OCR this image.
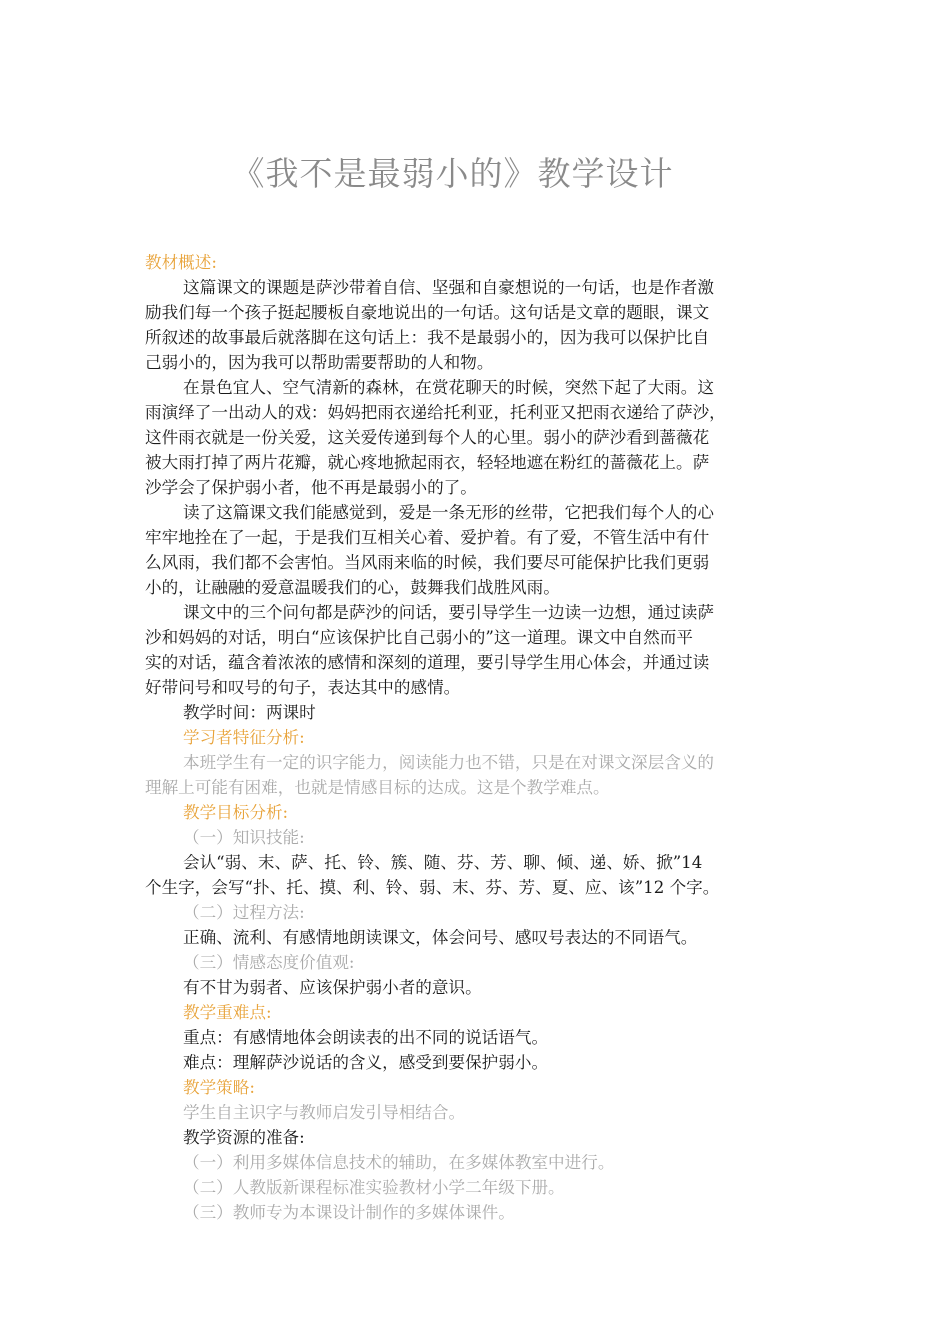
《我不是最弱小的》教学设计
教材概述:
这篇课文的课题是萨沙带着自信、坚强和自豪想说的一句话，也是作者激
励我们每一个孩子挺起腰板自豪地说出的一句话。这句话是文章的题眼，课文
所叙述的故事最后就落脚在这句话上：我不是最弱小的，因为我可以保护比自
己弱小的，因为我可以帮助需要帮助的人和物。
在景色宜人、空气清新的森林，在赏花聊天的时候，突然下起了大雨。这
雨演绎了一出动人的戏：妈妈把雨衣递给托利亚，托利亚又把雨衣递给了萨沙，
这件雨衣就是一份关爱，这关爱传递到每个人的心里。弱小的萨沙看到蔷薇花
被大雨打掉了两片花瓣，就心疼地掀起雨衣，轻轻地遮在粉红的蔷薇花上。萨
沙学会了保护弱小者，他不再是最弱小的了。
读了这篇课文我们能感觉到，爱是一条无形的丝带，它把我们每个人的心
牢牢地拴在了一起，于是我们互相关心着、爱护着。有了爱，不管生活中有什
么风雨，我们都不会害怕。当风雨来临的时候，我们要尽可能保护比我们更弱
小的，让融融的爱意温暖我们的心，鼓舞我们战胜风雨。
课文中的三个问句都是萨沙的问话，要引导学生一边读一边想，通过读萨
沙和妈妈的对话，明白“应该保护比自己弱小的”这一道理。课文中自然而平
实的对话，蕴含着浓浓的感情和深刻的道理，要引导学生用心体会，并通过读
好带问号和叹号的句子，表达其中的感情。
教学时间：两课时
学习者特征分析:
本班学生有一定的识字能力，阅读能力也不错，只是在对课文深层含义的
理解上可能有困难，也就是情感目标的达成。这是个教学难点。
教学目标分析:
（一）知识技能:
会认“弱、末、萨、托、铃、簇、随、芬、芳、聊、倾、递、娇、掀”14
个生字，会写“扑、托、摸、利、铃、弱、末、芬、芳、夏、应、该”12 个字。
（二）过程方法:
正确、流利、有感情地朗读课文，体会问号、感叹号表达的不同语气。
（三）情感态度价值观:
有不甘为弱者、应该保护弱小者的意识。
教学重难点:
重点：有感情地体会朗读表的出不同的说话语气。
难点：理解萨沙说话的含义，感受到要保护弱小。
教学策略:
学生自主识字与教师启发引导相结合。
教学资源的准备:
（一）利用多媒体信息技术的辅助，在多媒体教室中进行。
（二）人教版新课程标准实验教材小学二年级下册。
（三）教师专为本课设计制作的多媒体课件。
